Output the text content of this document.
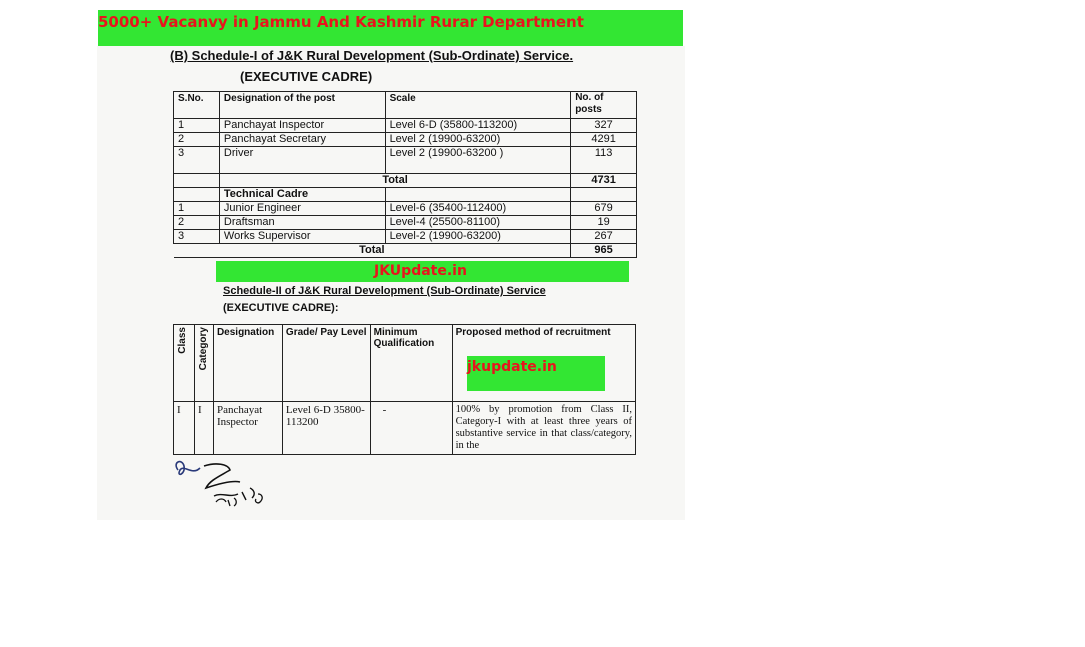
5000+ Vacanvy in Jammu And Kashmir Rurar Department
(B) Schedule-I of J&K Rural Development (Sub-Ordinate) Service.
(EXECUTIVE CADRE)
S.No.	Designation of the post	Scale	No. of posts
1	Panchayat Inspector	Level 6-D (35800-113200)	327
2	Panchayat Secretary	Level 2 (19900-63200)	4291
3	Driver	Level 2 (19900-63200 )	113
	Total		4731
	Technical Cadre		
1	Junior Engineer	Level-6 (35400-112400)	679
2	Draftsman	Level-4 (25500-81100)	19
3	Works Supervisor	Level-2 (19900-63200)	267
Total			965
JKUpdate.in
Schedule-II of J&K Rural Development (Sub-Ordinate) Service
(EXECUTIVE CADRE):
Class	Category	Designation	Grade/ Pay Level	Minimum Qualification	Proposed method of recruitment
I	I	Panchayat Inspector	Level 6-D 35800-113200	-	100% by promotion from Class II, Category-I with at least three years of substantive service in that class/category, in the
jkupdate.in
